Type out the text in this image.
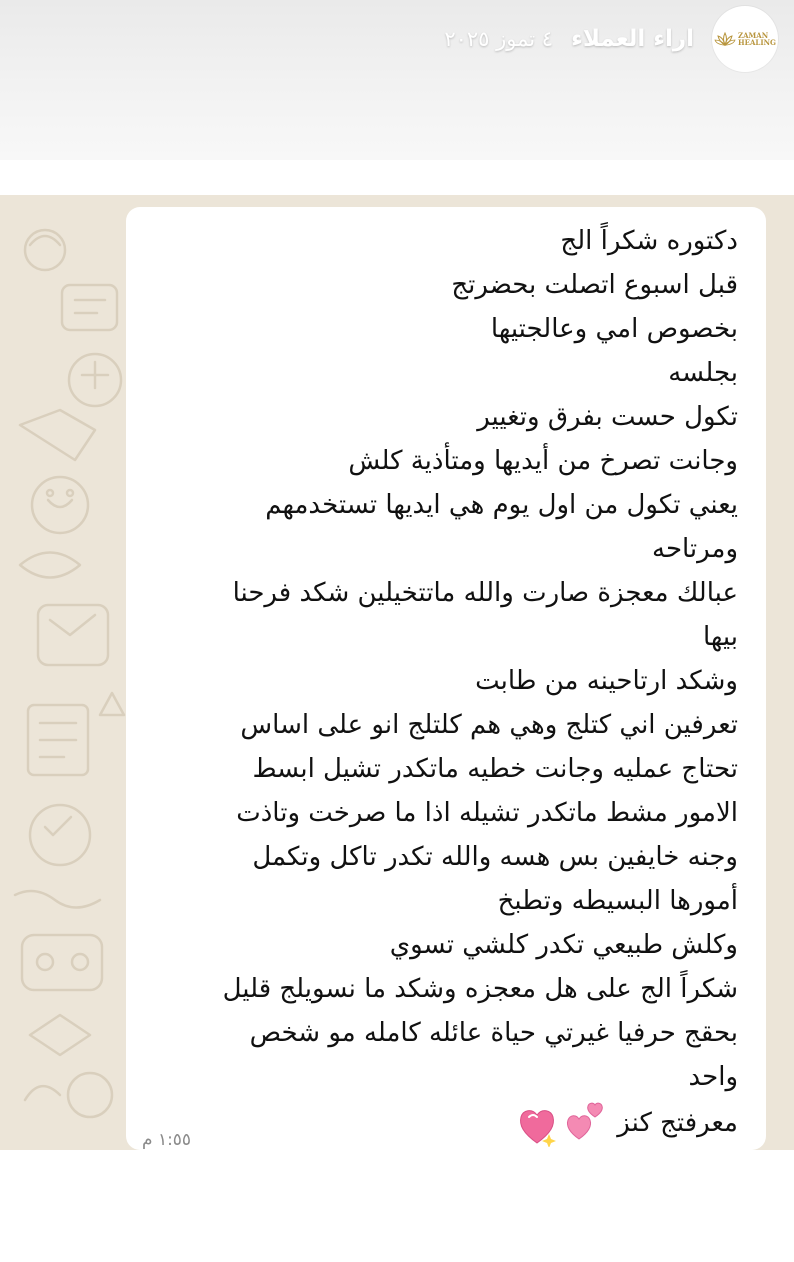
ZAMAN
HEALING
اراء العملاء
٤ تموز ٢٠٢٥
دكتوره شكراً الج
قبل اسبوع اتصلت بحضرتج
بخصوص امي وعالجتيها
بجلسه
تكول حست بفرق وتغيير
وجانت تصرخ من أيديها ومتأذية كلش
يعني تكول من اول يوم هي ايديها تستخدمهم
ومرتاحه
عبالك معجزة صارت والله ماتتخيلين شكد فرحنا
بيها
وشكد ارتاحينه من طابت
تعرفين اني كتلج وهي هم كلتلج انو على اساس
تحتاج عمليه وجانت خطيه ماتكدر تشيل ابسط
الامور مشط ماتكدر تشيله اذا ما صرخت وتاذت
وجنه خايفين بس هسه والله تكدر تاكل وتكمل
أمورها البسيطه وتطبخ
وكلش طبيعي تكدر كلشي تسوي
شكراً الج على هل معجزه وشكد ما نسويلج قليل
بحقج حرفيا غيرتي حياة عائله كامله مو شخص
واحد
معرفتج كنز
١:٥٥ م
